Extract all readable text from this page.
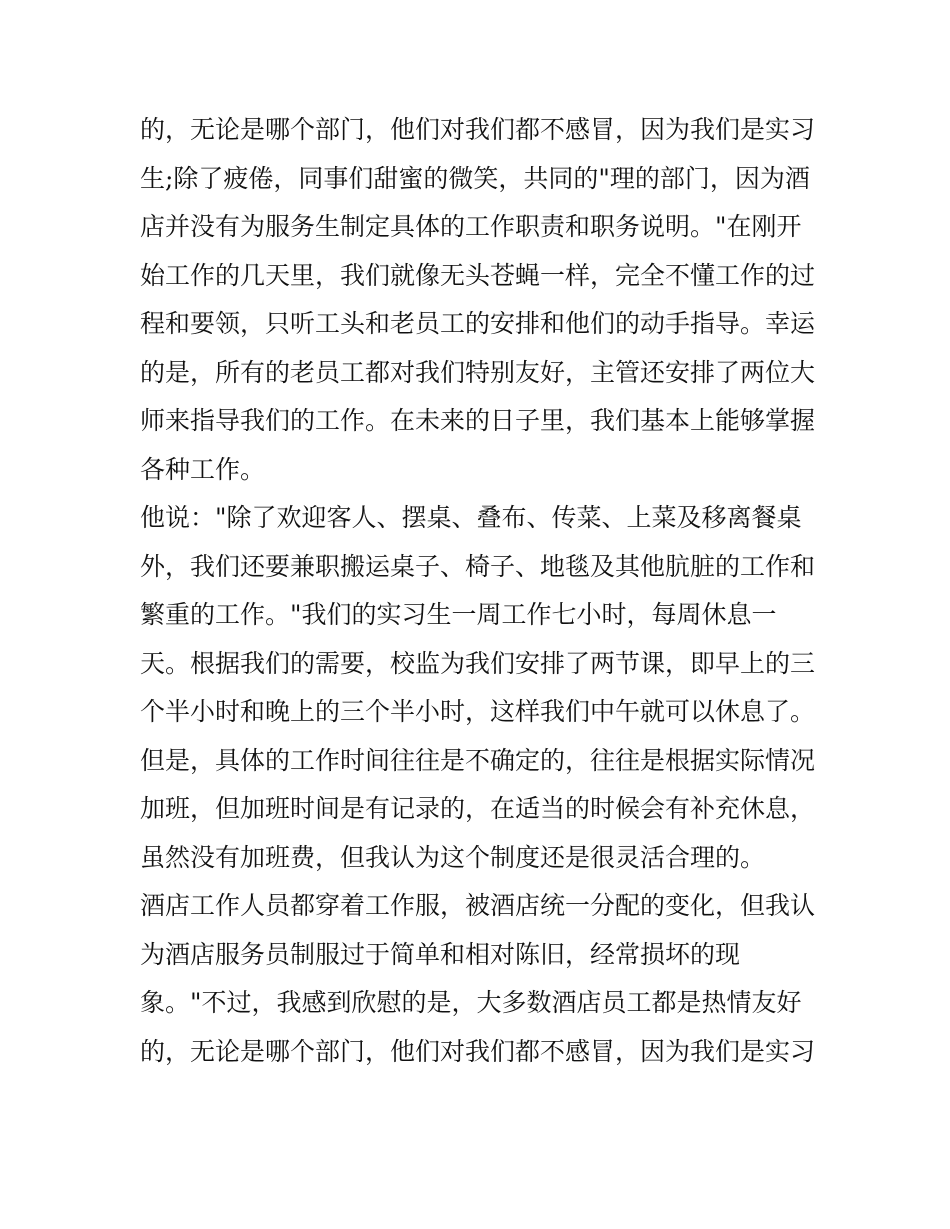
的，无论是哪个部门，他们对我们都不感冒，因为我们是实习
生;除了疲倦，同事们甜蜜的微笑，共同的"理的部门，因为酒
店并没有为服务生制定具体的工作职责和职务说明。"在刚开
始工作的几天里，我们就像无头苍蝇一样，完全不懂工作的过
程和要领，只听工头和老员工的安排和他们的动手指导。幸运
的是，所有的老员工都对我们特别友好，主管还安排了两位大
师来指导我们的工作。在未来的日子里，我们基本上能够掌握
各种工作。
他说："除了欢迎客人、摆桌、叠布、传菜、上菜及移离餐桌
外，我们还要兼职搬运桌子、椅子、地毯及其他肮脏的工作和
繁重的工作。"我们的实习生一周工作七小时，每周休息一
天。根据我们的需要，校监为我们安排了两节课，即早上的三
个半小时和晚上的三个半小时，这样我们中午就可以休息了。
但是，具体的工作时间往往是不确定的，往往是根据实际情况
加班，但加班时间是有记录的，在适当的时候会有补充休息，
虽然没有加班费，但我认为这个制度还是很灵活合理的。
酒店工作人员都穿着工作服，被酒店统一分配的变化，但我认
为酒店服务员制服过于简单和相对陈旧，经常损坏的现
象。"不过，我感到欣慰的是，大多数酒店员工都是热情友好
的，无论是哪个部门，他们对我们都不感冒，因为我们是实习
